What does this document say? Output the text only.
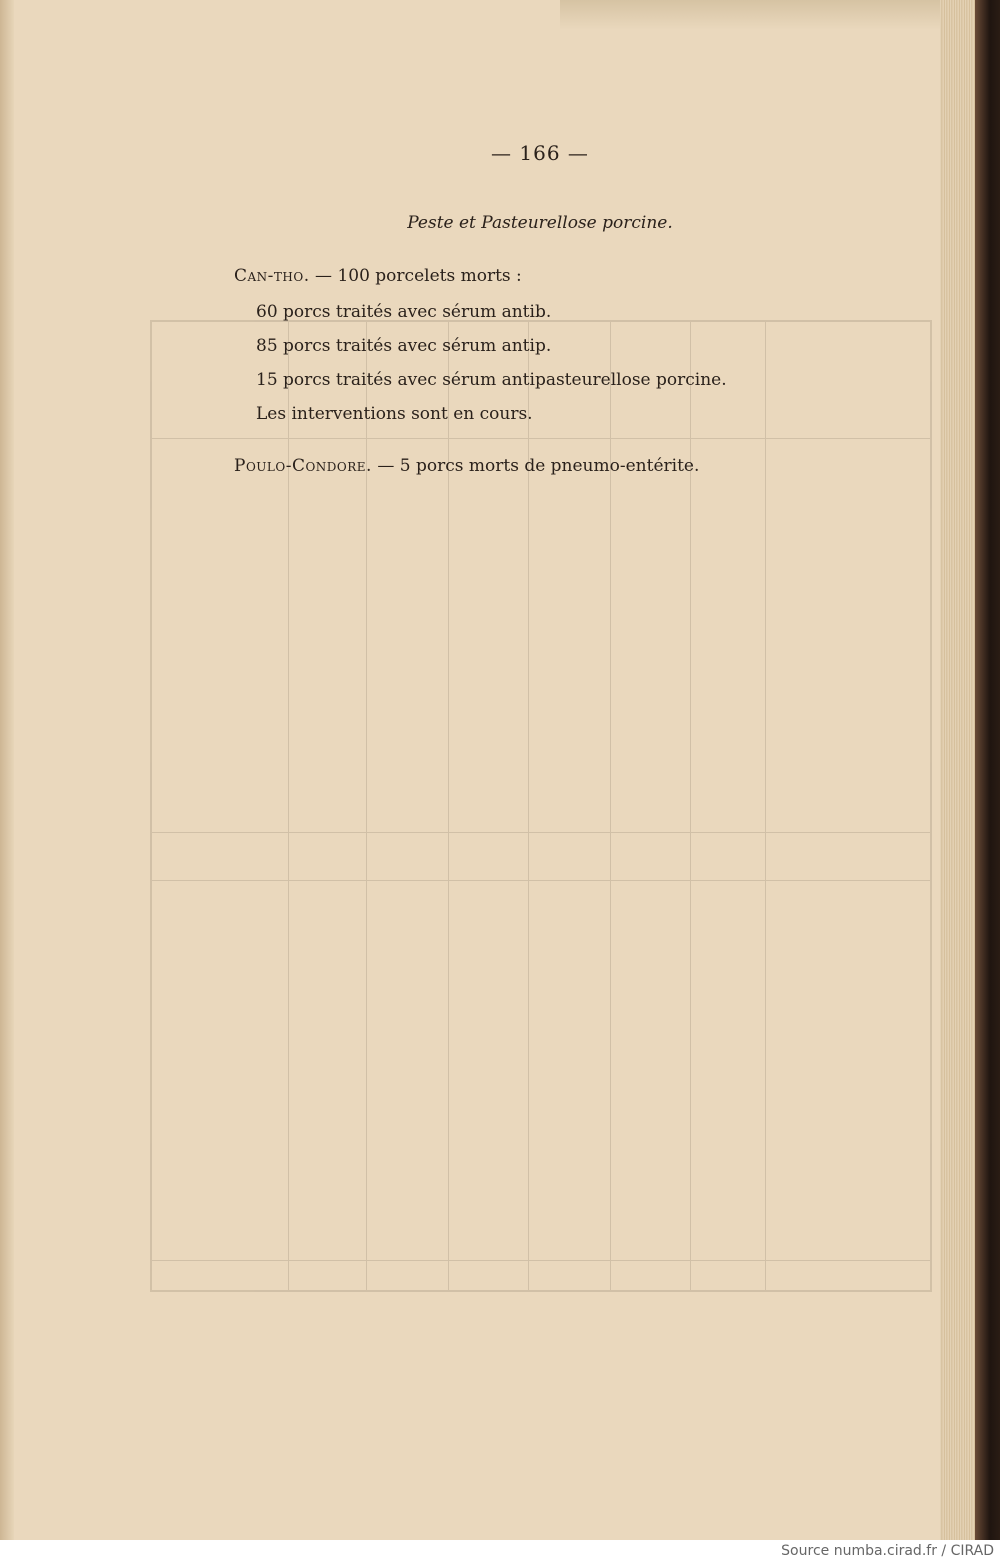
— 166 —
Peste et Pasteurellose porcine.
Can-tho. — 100 porcelets morts :
60 porcs traités avec sérum antib.
85 porcs traités avec sérum antip.
15 porcs traités avec sérum antipasteurellose porcine.
Les interventions sont en cours.
Poulo-Condore. — 5 porcs morts de pneumo-entérite.
Source numba.cirad.fr / CIRAD
